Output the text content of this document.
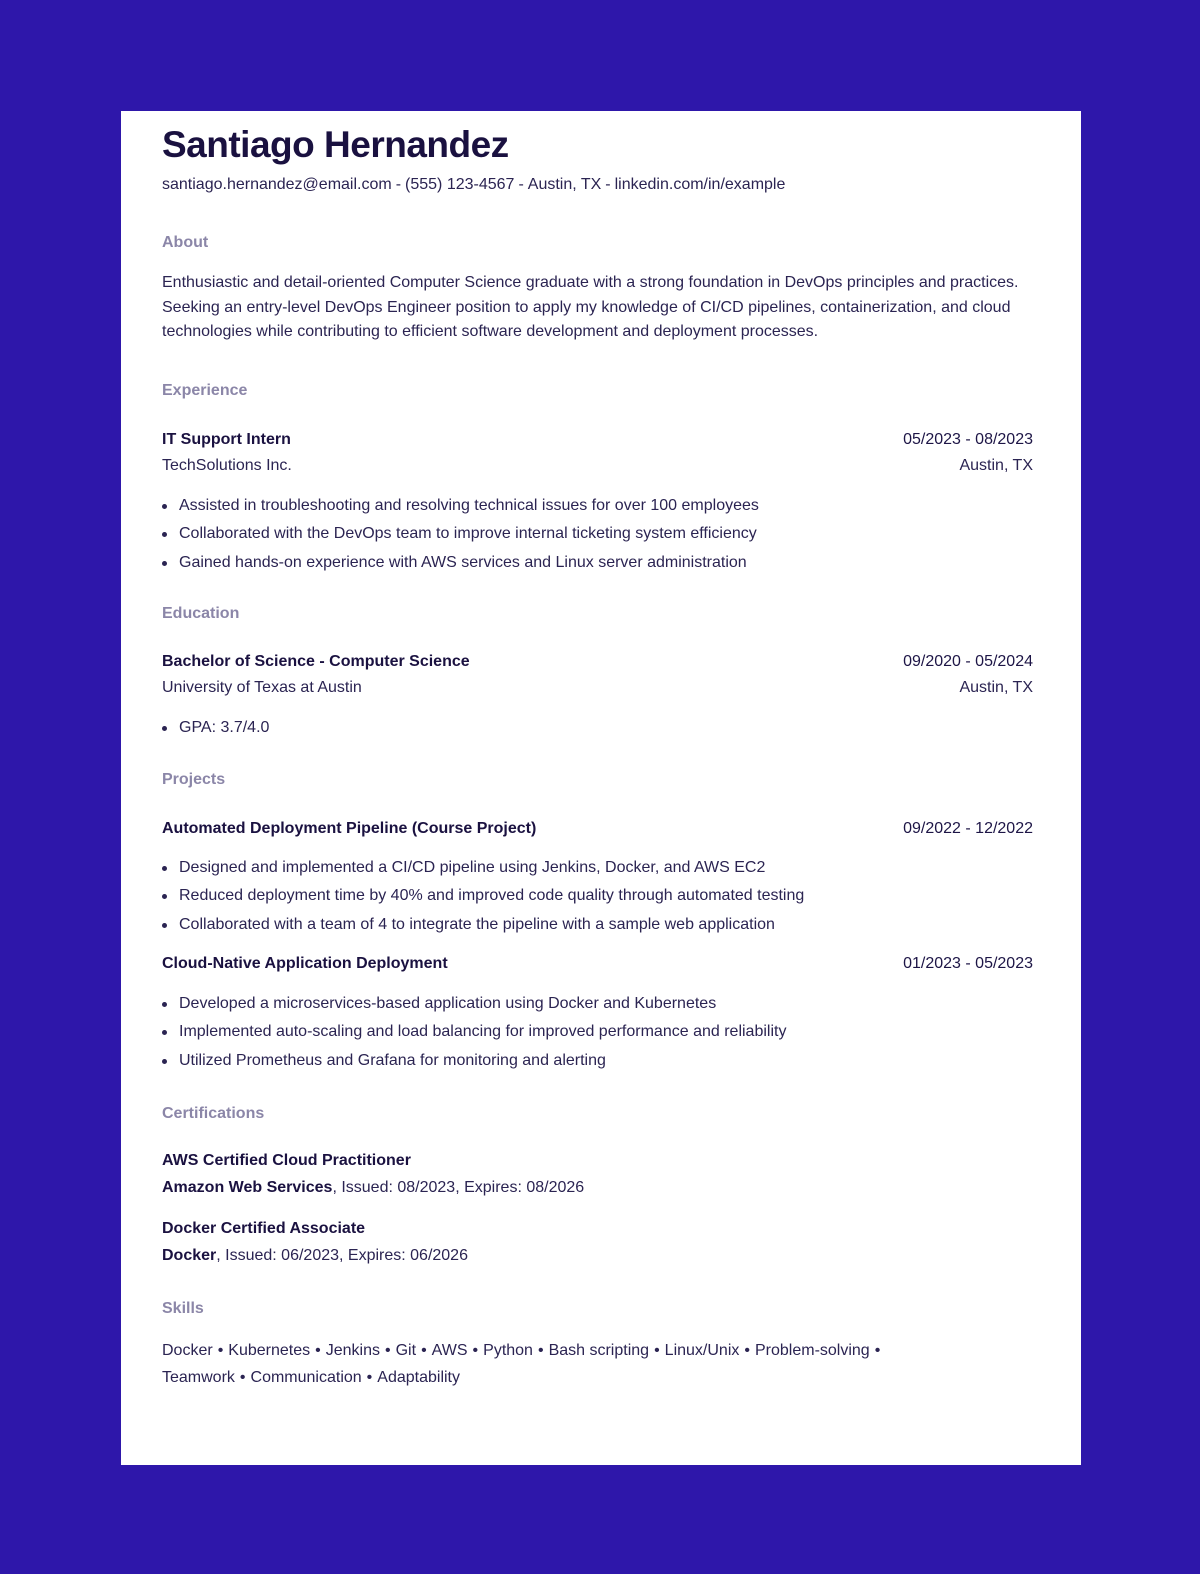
Santiago Hernandez
santiago.hernandez@email.com - (555) 123-4567 - Austin, TX - linkedin.com/in/example
About

Enthusiastic and detail-oriented Computer Science graduate with a strong foundation in DevOps principles and practices. Seeking an entry-level DevOps Engineer position to apply my knowledge of CI/CD pipelines, containerization, and cloud technologies while contributing to efficient software development and deployment processes.

Experience
IT Support Intern	05/2023 - 08/2023
TechSolutions Inc.	Austin, TX
Assisted in troubleshooting and resolving technical issues for over 100 employees
Collaborated with the DevOps team to improve internal ticketing system efficiency
Gained hands-on experience with AWS services and Linux server administration
Education
Bachelor of Science - Computer Science	09/2020 - 05/2024
University of Texas at Austin	Austin, TX
GPA: 3.7/4.0
Projects
Automated Deployment Pipeline (Course Project)	09/2022 - 12/2022
Designed and implemented a CI/CD pipeline using Jenkins, Docker, and AWS EC2
Reduced deployment time by 40% and improved code quality through automated testing
Collaborated with a team of 4 to integrate the pipeline with a sample web application
Cloud-Native Application Deployment	01/2023 - 05/2023
Developed a microservices-based application using Docker and Kubernetes
Implemented auto-scaling and load balancing for improved performance and reliability
Utilized Prometheus and Grafana for monitoring and alerting
Certifications
AWS Certified Cloud Practitioner
Amazon Web Services, Issued: 08/2023, Expires: 08/2026
Docker Certified Associate
Docker, Issued: 06/2023, Expires: 06/2026
Skills
Docker • Kubernetes • Jenkins • Git • AWS • Python • Bash scripting • Linux/Unix • Problem-solving •
Teamwork • Communication • Adaptability
